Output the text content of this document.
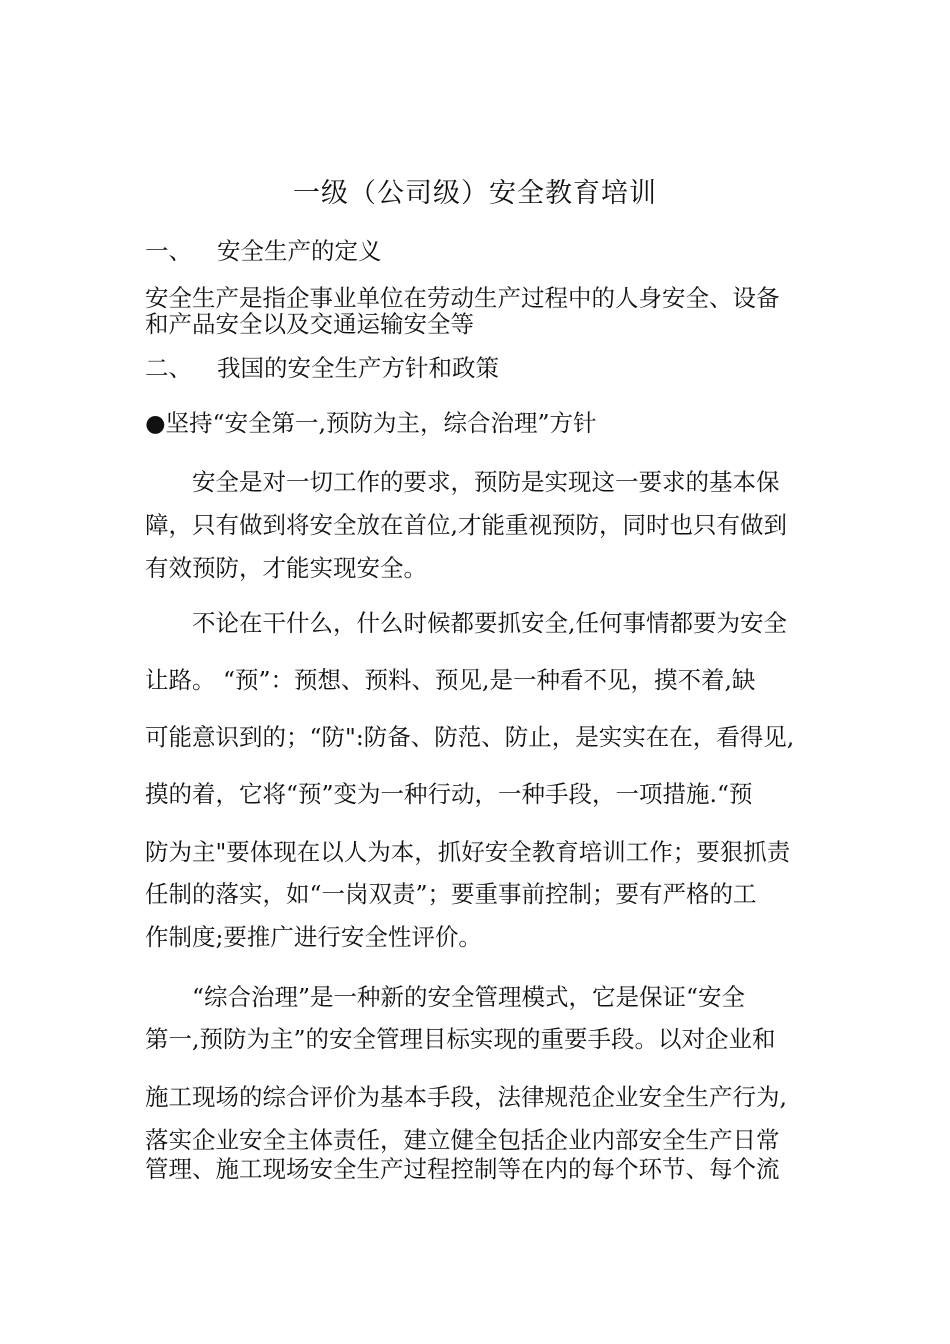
一级（公司级）安全教育培训
一、 安全生产的定义
安全生产是指企事业单位在劳动生产过程中的人身安全、设备
和产品安全以及交通运输安全等
二、 我国的安全生产方针和政策
●坚持“安全第一,预防为主，综合治理”方针
安全是对一切工作的要求，预防是实现这一要求的基本保
障，只有做到将安全放在首位,才能重视预防，同时也只有做到
有效预防，才能实现安全。
不论在干什么，什么时候都要抓安全,任何事情都要为安全
让路。 “预”：预想、预料、预见,是一种看不见，摸不着,缺
可能意识到的；“防":防备、防范、防止，是实实在在，看得见,
摸的着，它将“预”变为一种行动，一种手段，一项措施.“预
防为主"要体现在以人为本，抓好安全教育培训工作；要狠抓责
任制的落实，如“一岗双责”；要重事前控制；要有严格的工
作制度;要推广进行安全性评价。
“综合治理”是一种新的安全管理模式，它是保证“安全
第一,预防为主”的安全管理目标实现的重要手段。以对企业和
施工现场的综合评价为基本手段，法律规范企业安全生产行为,
落实企业安全主体责任，建立健全包括企业内部安全生产日常
管理、施工现场安全生产过程控制等在内的每个环节、每个流
